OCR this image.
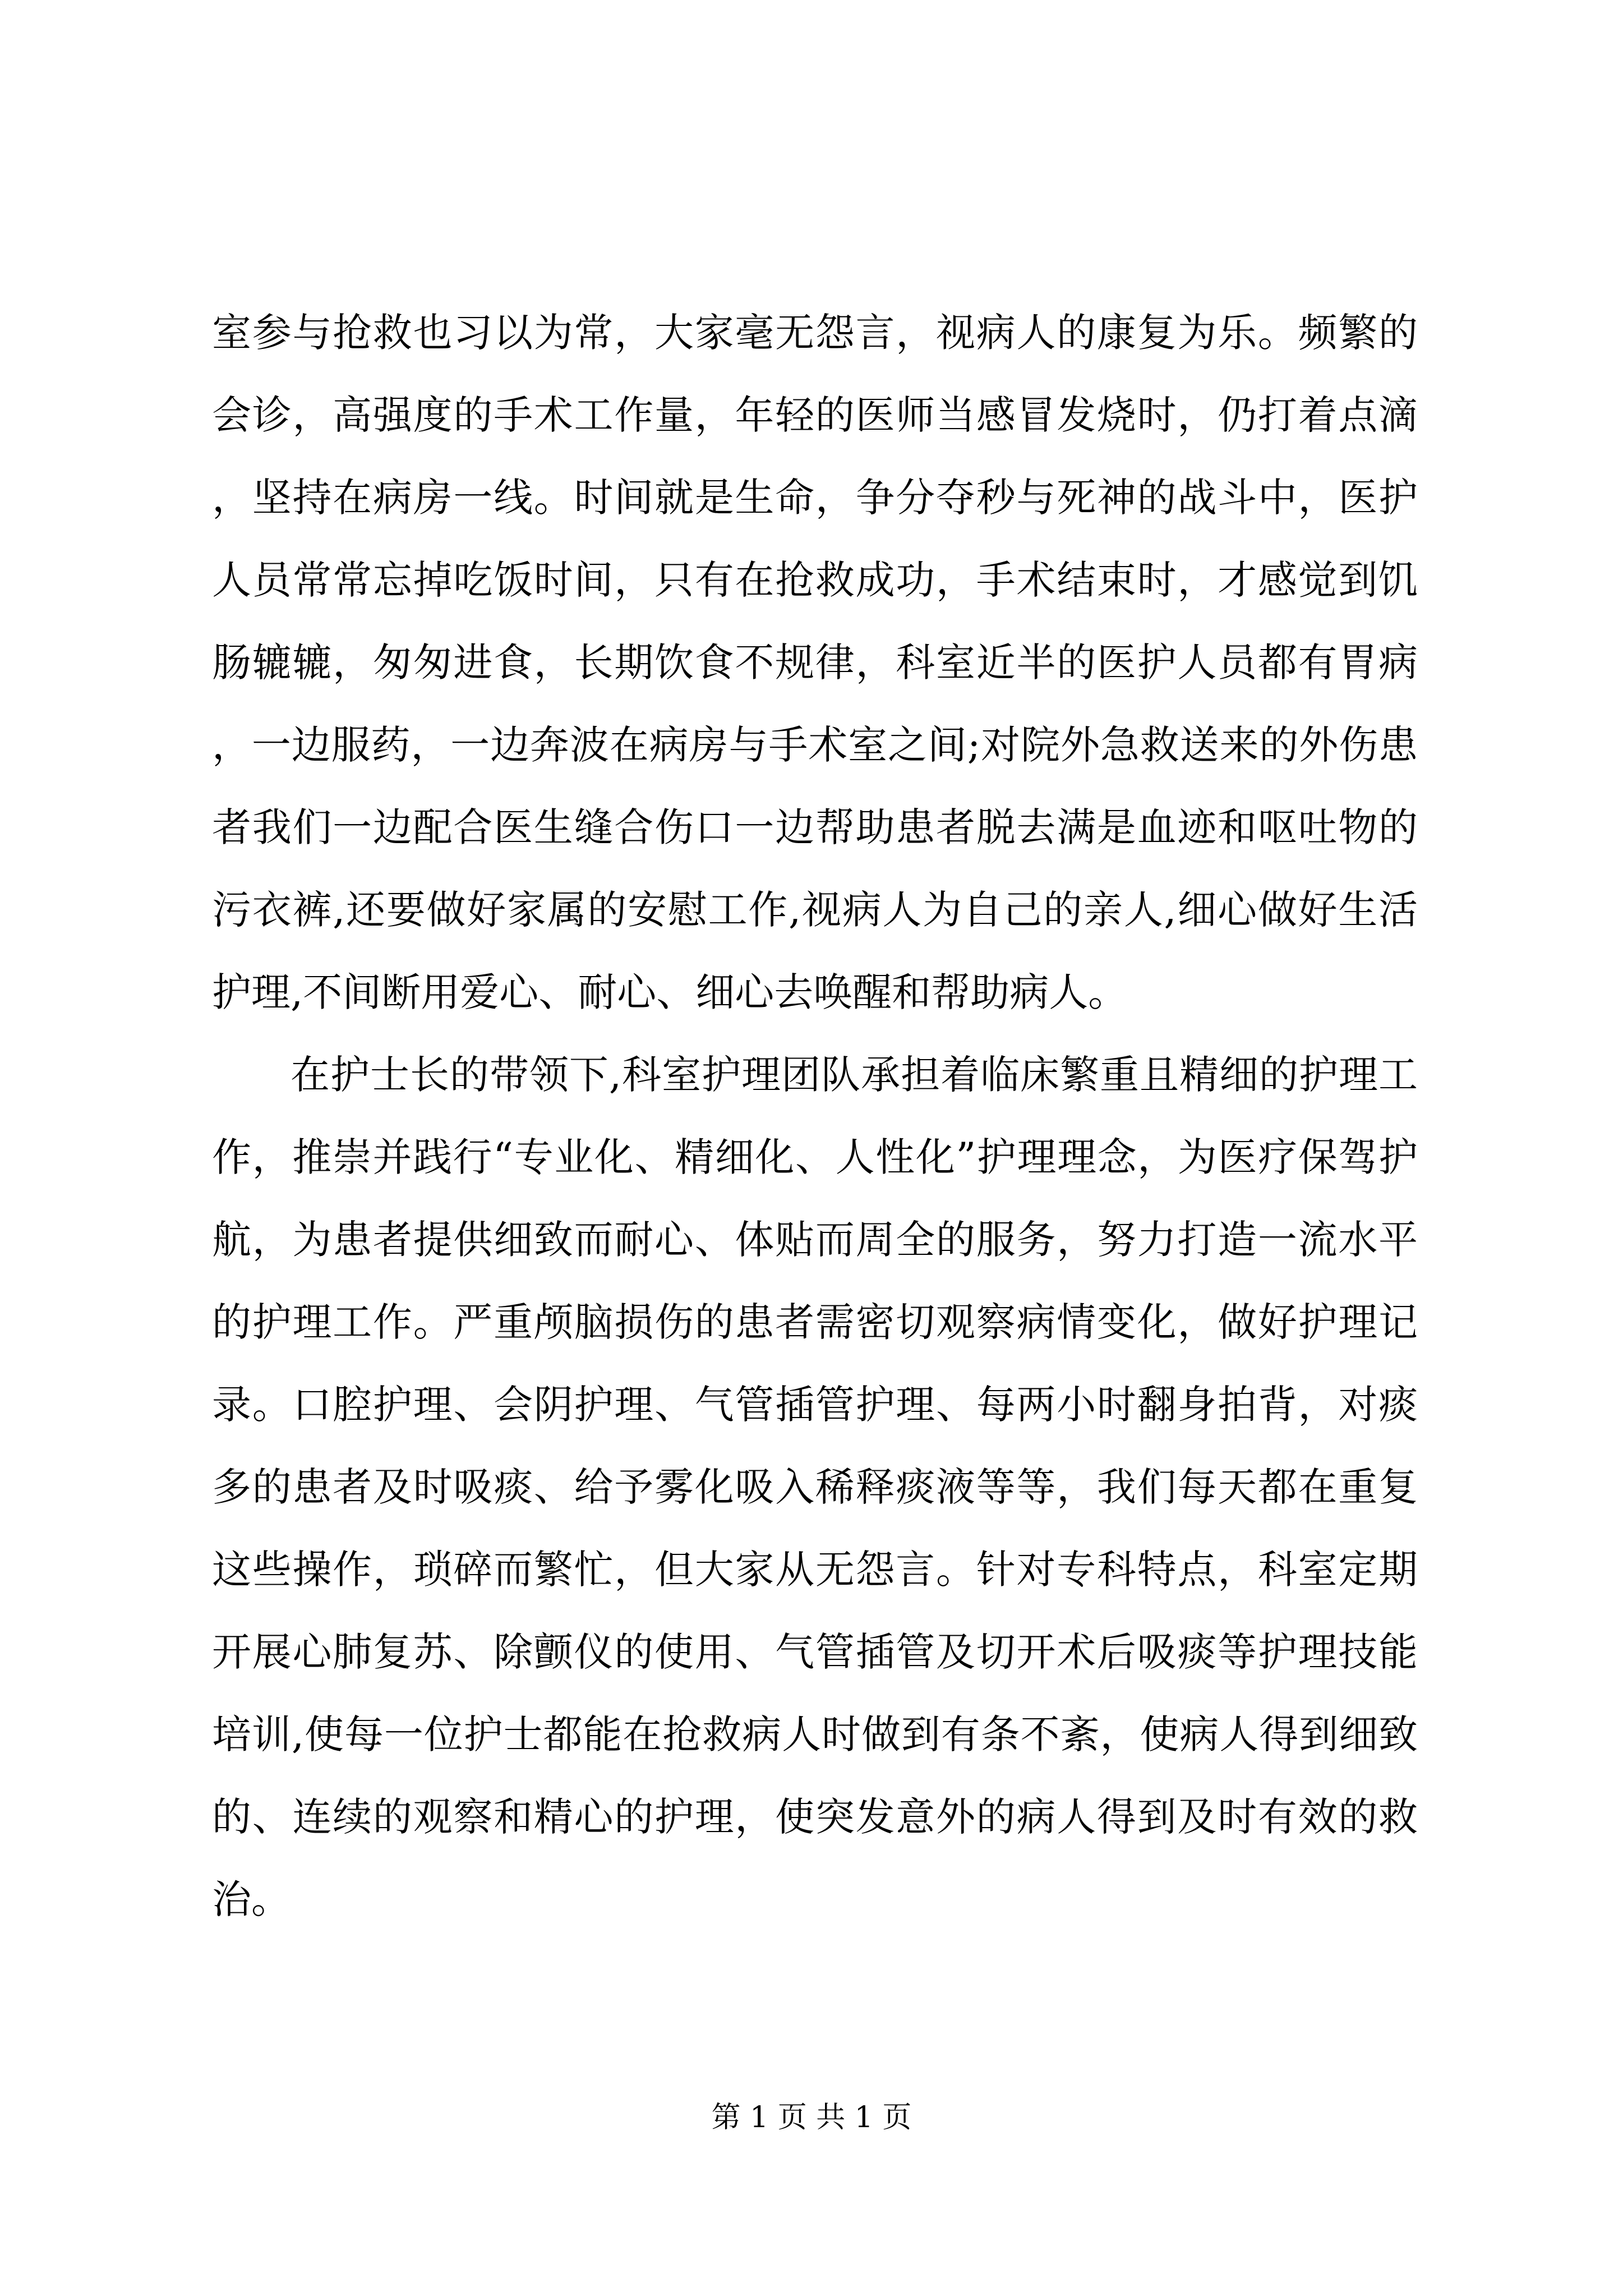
室参与抢救也习以为常，大家毫无怨言，视病人的康复为乐。频繁的会诊，高强度的手术工作量，年轻的医师当感冒发烧时，仍打着点滴，坚持在病房一线。时间就是生命，争分夺秒与死神的战斗中，医护人员常常忘掉吃饭时间，只有在抢救成功，手术结束时，才感觉到饥肠辘辘，匆匆进食，长期饮食不规律，科室近半的医护人员都有胃病，一边服药，一边奔波在病房与手术室之间;对院外急救送来的外伤患者我们一边配合医生缝合伤口一边帮助患者脱去满是血迹和呕吐物的污衣裤,还要做好家属的安慰工作,视病人为自己的亲人,细心做好生活护理,不间断用爱心、耐心、细心去唤醒和帮助病人。

在护士长的带领下,科室护理团队承担着临床繁重且精细的护理工作，推崇并践行“专业化、精细化、人性化”护理理念，为医疗保驾护航，为患者提供细致而耐心、体贴而周全的服务，努力打造一流水平的护理工作。严重颅脑损伤的患者需密切观察病情变化，做好护理记录。口腔护理、会阴护理、气管插管护理、每两小时翻身拍背，对痰多的患者及时吸痰、给予雾化吸入稀释痰液等等，我们每天都在重复这些操作，琐碎而繁忙，但大家从无怨言。针对专科特点，科室定期开展心肺复苏、除颤仪的使用、气管插管及切开术后吸痰等护理技能培训,使每一位护士都能在抢救病人时做到有条不紊，使病人得到细致的、连续的观察和精心的护理，使突发意外的病人得到及时有效的救治。

第 1 页 共 1 页
